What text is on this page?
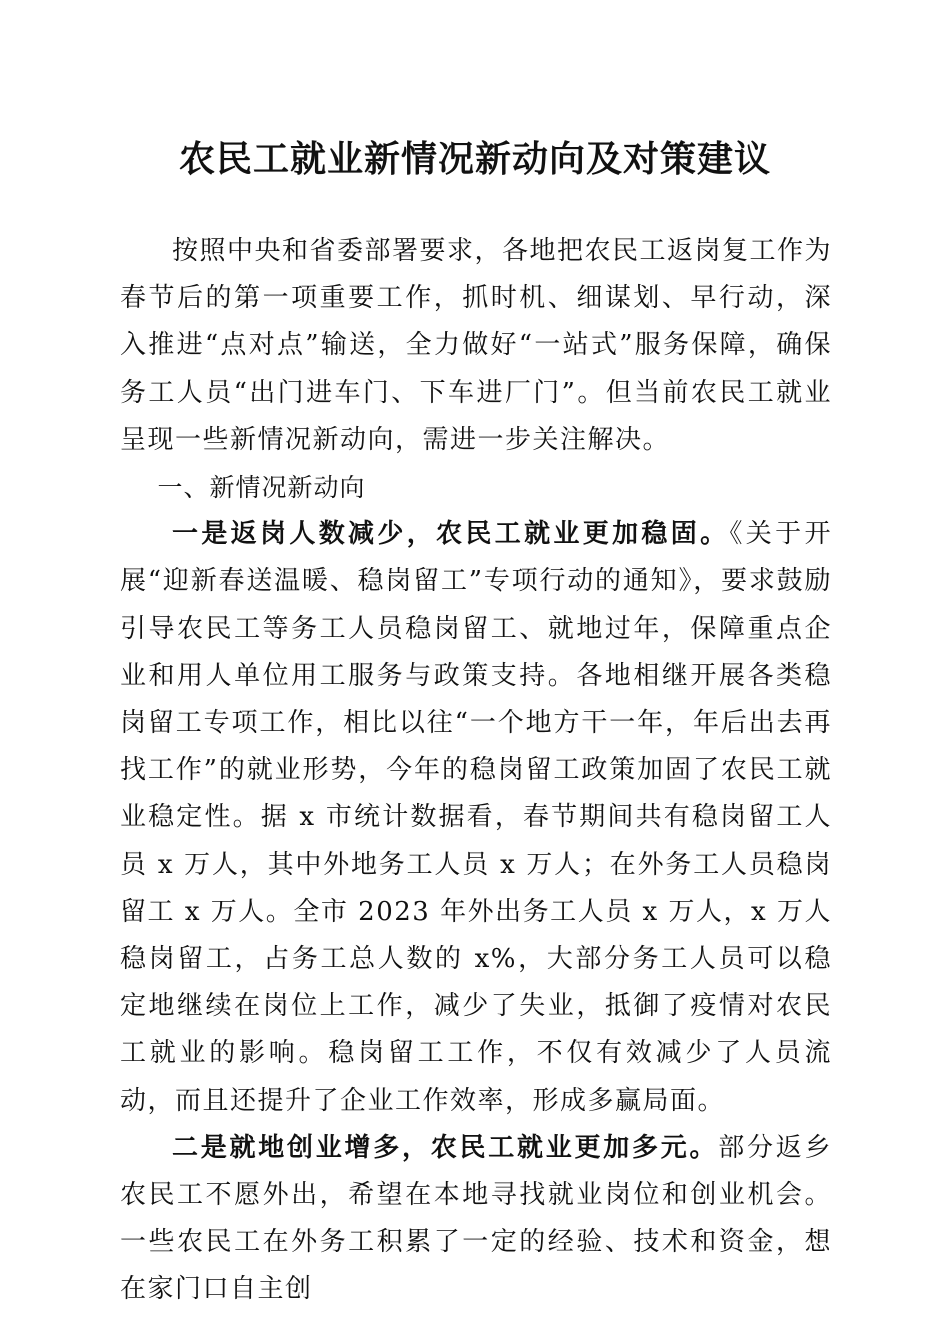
农民工就业新情况新动向及对策建议

按照中央和省委部署要求，各地把农民工返岗复工作为春节后的第一项重要工作，抓时机、细谋划、早行动，深入推进“点对点”输送，全力做好“一站式”服务保障，确保务工人员“出门进车门、下车进厂门”。但当前农民工就业呈现一些新情况新动向，需进一步关注解决。

一、新情况新动向

一是返岗人数减少，农民工就业更加稳固。《关于开展“迎新春送温暖、稳岗留工”专项行动的通知》，要求鼓励引导农民工等务工人员稳岗留工、就地过年，保障重点企业和用人单位用工服务与政策支持。各地相继开展各类稳岗留工专项工作，相比以往“一个地方干一年，年后出去再找工作”的就业形势，今年的稳岗留工政策加固了农民工就业稳定性。据 x 市统计数据看，春节期间共有稳岗留工人员 x 万人，其中外地务工人员 x 万人；在外务工人员稳岗留工 x 万人。全市 2023 年外出务工人员 x 万人，x 万人稳岗留工，占务工总人数的 x%，大部分务工人员可以稳定地继续在岗位上工作，减少了失业，抵御了疫情对农民工就业的影响。稳岗留工工作，不仅有效减少了人员流动，而且还提升了企业工作效率，形成多赢局面。

二是就地创业增多，农民工就业更加多元。部分返乡农民工不愿外出，希望在本地寻找就业岗位和创业机会。一些农民工在外务工积累了一定的经验、技术和资金，想在家门口自主创
